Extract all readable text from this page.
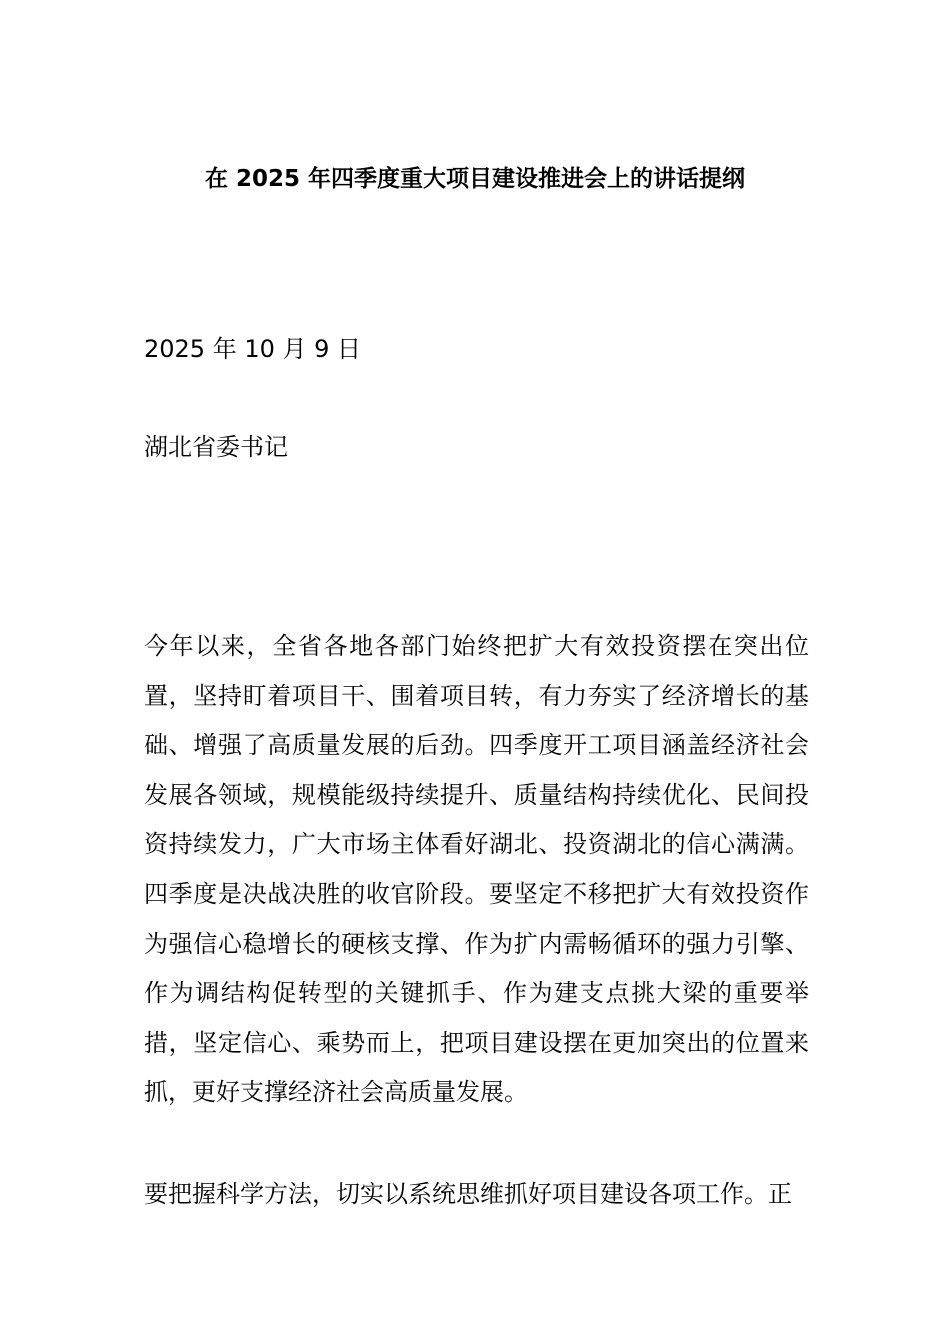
在 2025 年四季度重大项目建设推进会上的讲话提纲

2025 年 10 月 9 日

湖北省委书记

今年以来，全省各地各部门始终把扩大有效投资摆在突出位置，坚持盯着项目干、围着项目转，有力夯实了经济增长的基础、增强了高质量发展的后劲。四季度开工项目涵盖经济社会发展各领域，规模能级持续提升、质量结构持续优化、民间投资持续发力，广大市场主体看好湖北、投资湖北的信心满满。四季度是决战决胜的收官阶段。要坚定不移把扩大有效投资作为强信心稳增长的硬核支撑、作为扩内需畅循环的强力引擎、作为调结构促转型的关键抓手、作为建支点挑大梁的重要举措，坚定信心、乘势而上，把项目建设摆在更加突出的位置来抓，更好支撑经济社会高质量发展。

要把握科学方法，切实以系统思维抓好项目建设各项工作。正
